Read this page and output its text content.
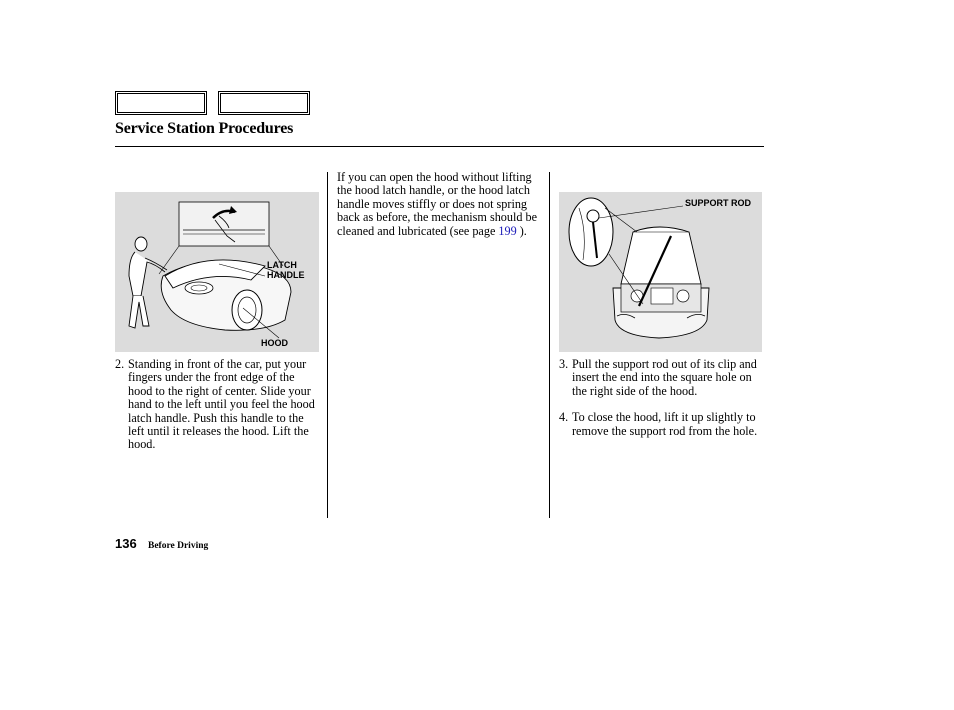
Service Station Procedures
LATCH
HANDLE
HOOD
SUPPORT ROD
2. Standing in front of the car, put your fingers under the front edge of the hood to the right of center. Slide your hand to the left until you feel the hood latch handle. Push this handle to the left until it releases the hood. Lift the hood.
If you can open the hood without lifting the hood latch handle, or the hood latch handle moves stiffly or does not spring back as before, the mechanism should be cleaned and lubricated (see page 199 ).
3. Pull the support rod out of its clip and insert the end into the square hole on the right side of the hood.
4. To close the hood, lift it up slightly to remove the support rod from the hole.
136 Before Driving
